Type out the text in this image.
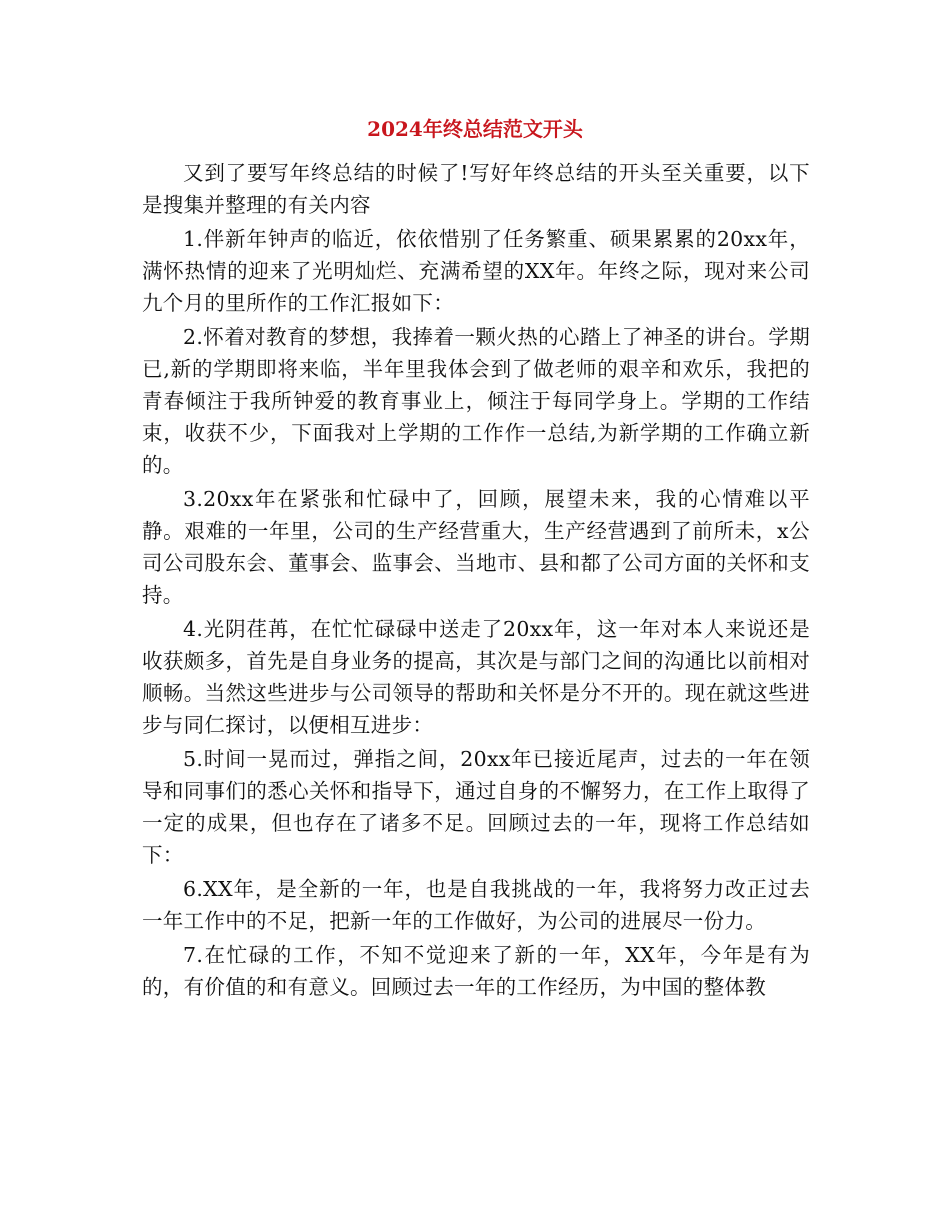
2024年终总结范文开头

又到了要写年终总结的时候了!写好年终总结的开头至关重要，以下是搜集并整理的有关内容

1.伴新年钟声的临近，依依惜别了任务繁重、硕果累累的20xx年，满怀热情的迎来了光明灿烂、充满希望的XX年。年终之际，现对来公司九个月的里所作的工作汇报如下：

2.怀着对教育的梦想，我捧着一颗火热的心踏上了神圣的讲台。学期已,新的学期即将来临，半年里我体会到了做老师的艰辛和欢乐，我把的青春倾注于我所钟爱的教育事业上，倾注于每同学身上。学期的工作结束，收获不少，下面我对上学期的工作作一总结,为新学期的工作确立新的。

3.20xx年在紧张和忙碌中了，回顾，展望未来，我的心情难以平静。艰难的一年里，公司的生产经营重大，生产经营遇到了前所未，x公司公司股东会、董事会、监事会、当地市、县和都了公司方面的关怀和支持。

4.光阴荏苒，在忙忙碌碌中送走了20xx年，这一年对本人来说还是收获颇多，首先是自身业务的提高，其次是与部门之间的沟通比以前相对顺畅。当然这些进步与公司领导的帮助和关怀是分不开的。现在就这些进步与同仁探讨，以便相互进步：

5.时间一晃而过，弹指之间，20xx年已接近尾声，过去的一年在领导和同事们的悉心关怀和指导下，通过自身的不懈努力，在工作上取得了一定的成果，但也存在了诸多不足。回顾过去的一年，现将工作总结如下：

6.XX年，是全新的一年，也是自我挑战的一年，我将努力改正过去一年工作中的不足，把新一年的工作做好，为公司的进展尽一份力。

7.在忙碌的工作，不知不觉迎来了新的一年，XX年，今年是有为的，有价值的和有意义。回顾过去一年的工作经历，为中国的整体教
